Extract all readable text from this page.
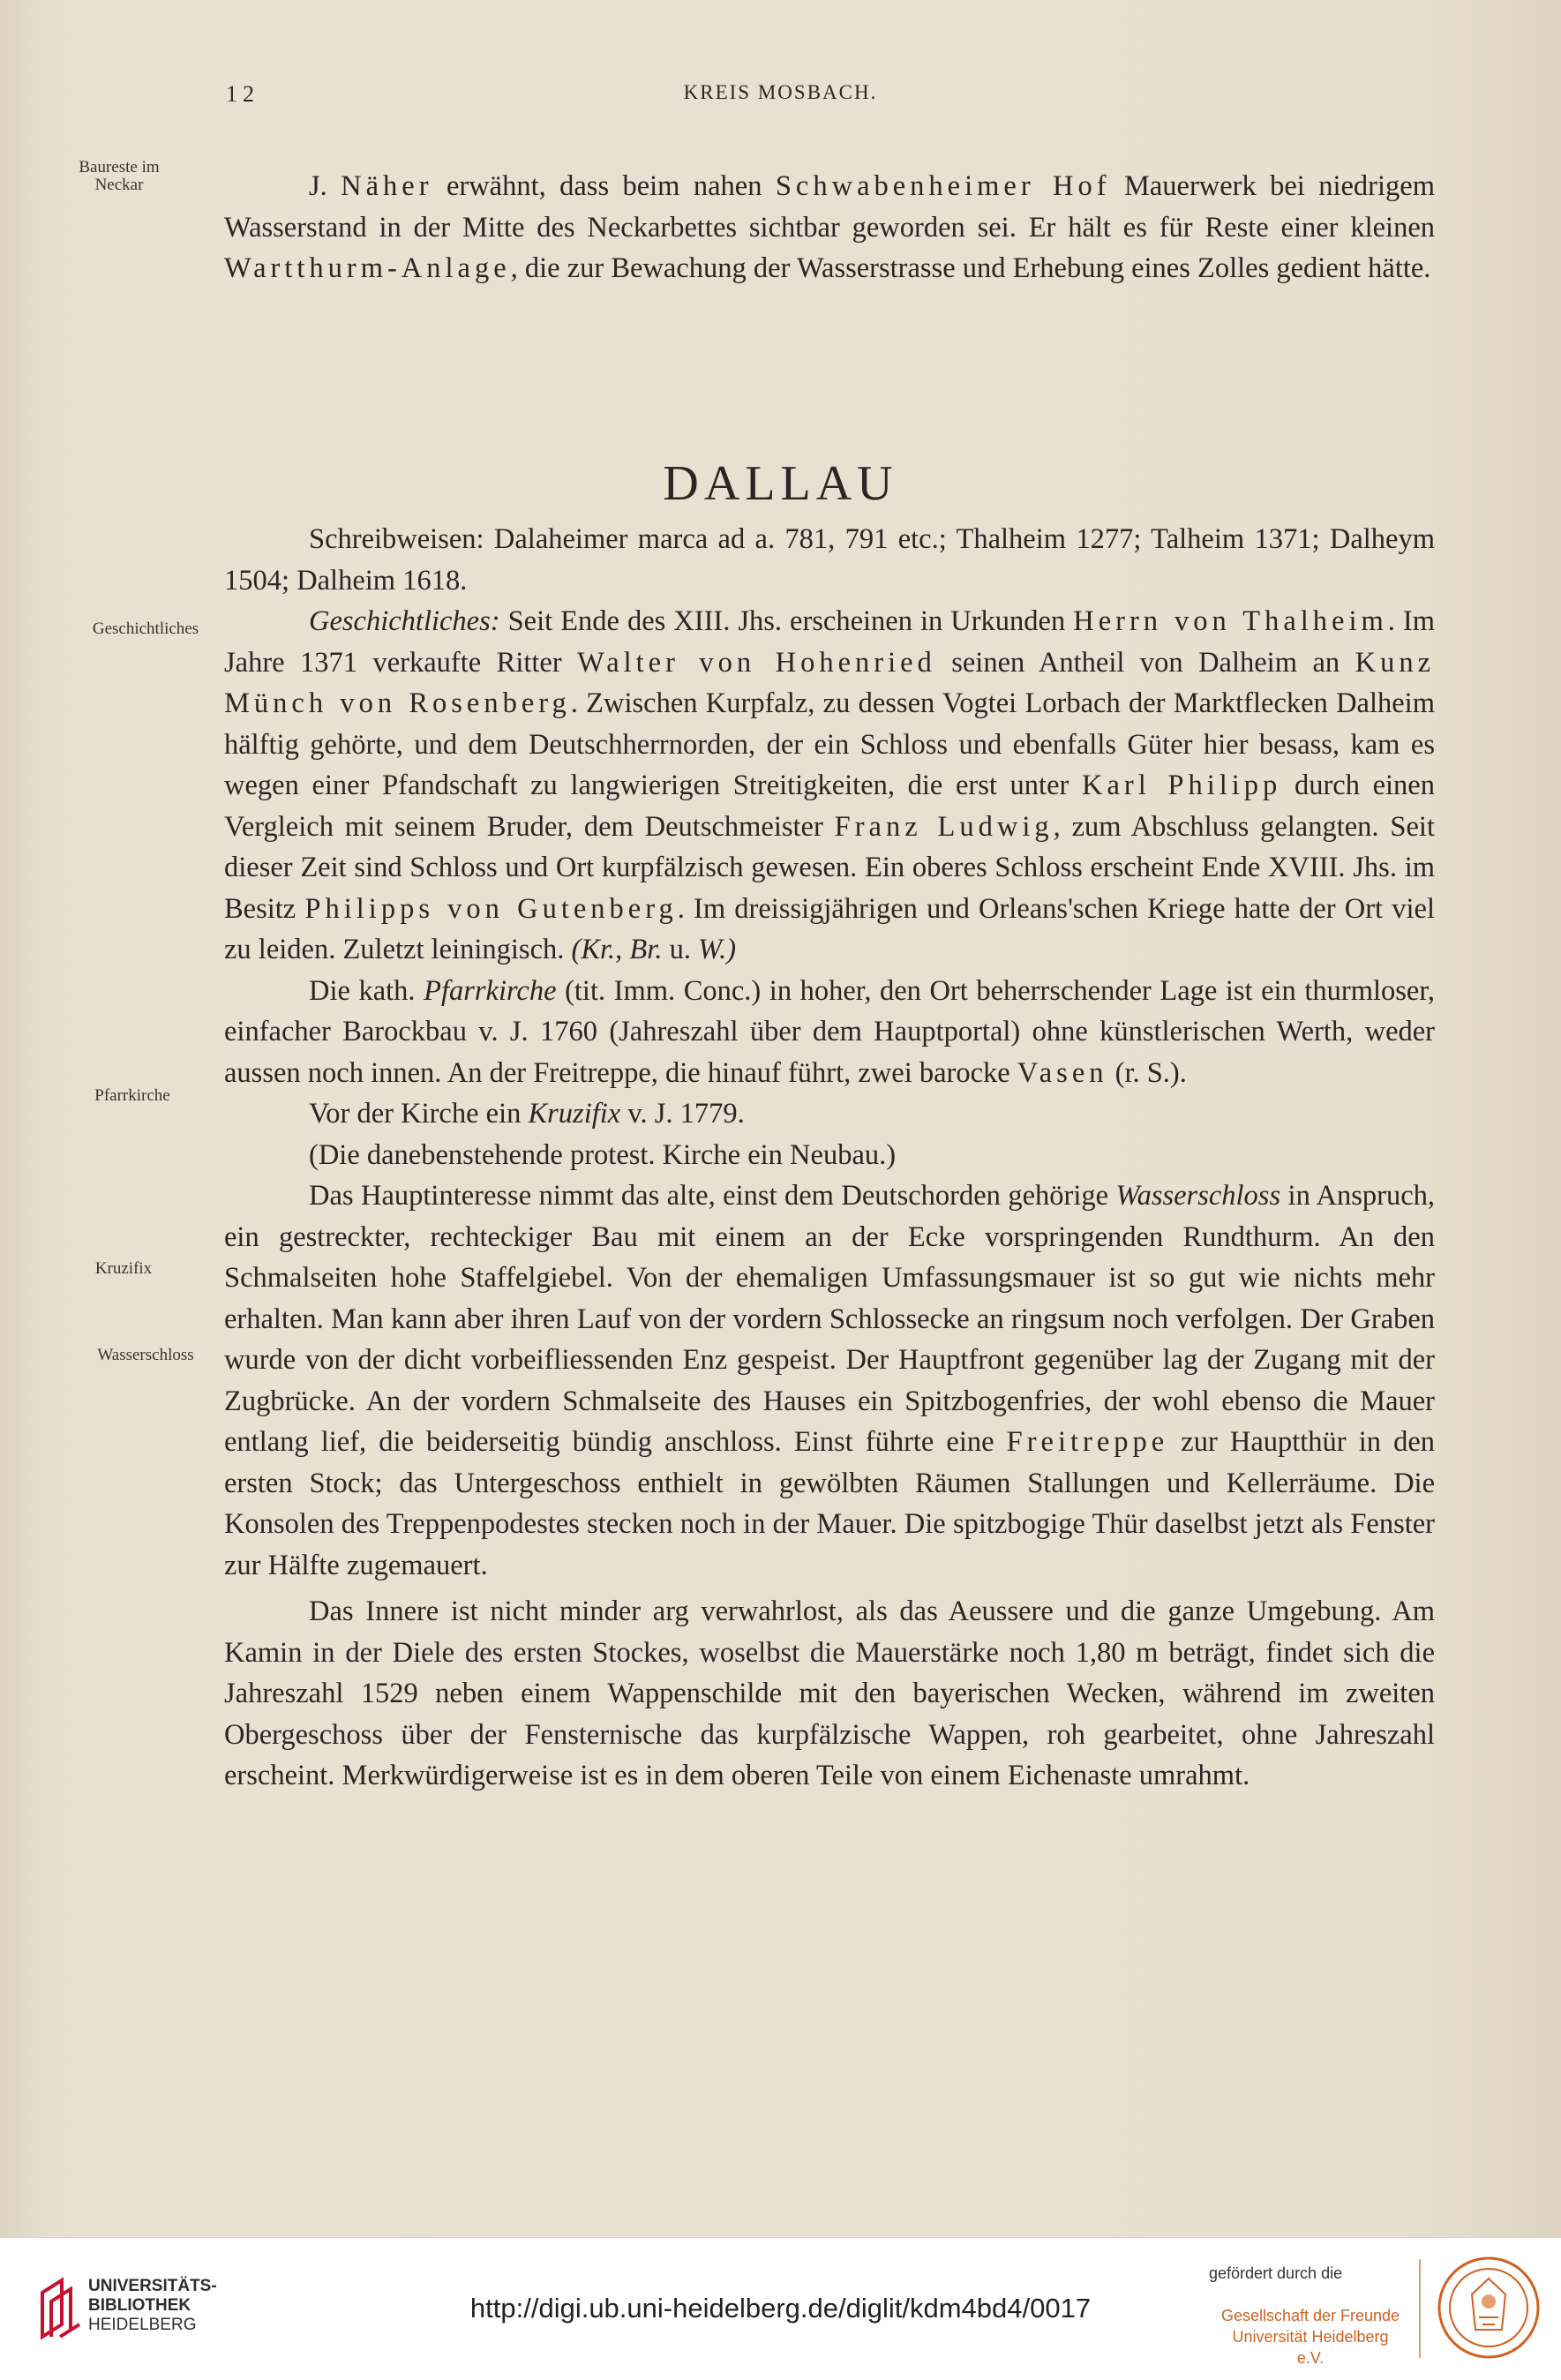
12	KREIS MOSBACH.
Baureste im Neckar
Geschichtliches
Pfarrkirche
Kruzifix
Wasserschloss

J. Näher erwähnt, dass beim nahen Schwabenheimer Hof Mauerwerk bei niedrigem Wasserstand in der Mitte des Neckarbettes sichtbar geworden sei. Er hält es für Reste einer kleinen Wartthurm-Anlage, die zur Bewachung der Wasserstrasse und Erhebung eines Zolles gedient hätte.

DALLAU

Schreibweisen: Dalaheimer marca ad a. 781, 791 etc.; Thalheim 1277; Talheim 1371; Dalheym 1504; Dalheim 1618.

Geschichtliches: Seit Ende des XIII. Jhs. erscheinen in Urkunden Herrn von Thalheim. Im Jahre 1371 verkaufte Ritter Walter von Hohenried seinen Antheil von Dalheim an Kunz Münch von Rosenberg. Zwischen Kurpfalz, zu dessen Vogtei Lorbach der Marktflecken Dalheim hälftig gehörte, und dem Deutschherrnorden, der ein Schloss und ebenfalls Güter hier besass, kam es wegen einer Pfandschaft zu langwierigen Streitigkeiten, die erst unter Karl Philipp durch einen Vergleich mit seinem Bruder, dem Deutschmeister Franz Ludwig, zum Abschluss gelangten. Seit dieser Zeit sind Schloss und Ort kurpfälzisch gewesen. Ein oberes Schloss erscheint Ende XVIII. Jhs. im Besitz Philipps von Gutenberg. Im dreissigjährigen und Orleans'schen Kriege hatte der Ort viel zu leiden. Zuletzt leiningisch. (Kr., Br. u. W.)

Die kath. Pfarrkirche (tit. Imm. Conc.) in hoher, den Ort beherrschender Lage ist ein thurmloser, einfacher Barockbau v. J. 1760 (Jahreszahl über dem Hauptportal) ohne künstlerischen Werth, weder aussen noch innen. An der Freitreppe, die hinauf führt, zwei barocke Vasen (r. S.).

Vor der Kirche ein Kruzifix v. J. 1779.

(Die danebenstehende protest. Kirche ein Neubau.)

Das Hauptinteresse nimmt das alte, einst dem Deutschorden gehörige Wasserschloss in Anspruch, ein gestreckter, rechteckiger Bau mit einem an der Ecke vorspringenden Rundthurm. An den Schmalseiten hohe Staffelgiebel. Von der ehemaligen Umfassungsmauer ist so gut wie nichts mehr erhalten. Man kann aber ihren Lauf von der vordern Schlossecke an ringsum noch verfolgen. Der Graben wurde von der dicht vorbeifliessenden Enz gespeist. Der Hauptfront gegenüber lag der Zugang mit der Zugbrücke. An der vordern Schmalseite des Hauses ein Spitzbogenfries, der wohl ebenso die Mauer entlang lief, die beiderseitig bündig anschloss. Einst führte eine Freitreppe zur Hauptthür in den ersten Stock; das Untergeschoss enthielt in gewölbten Räumen Stallungen und Kellerräume. Die Konsolen des Treppenpodestes stecken noch in der Mauer. Die spitzbogige Thür daselbst jetzt als Fenster zur Hälfte zugemauert.

Das Innere ist nicht minder arg verwahrlost, als das Aeussere und die ganze Umgebung. Am Kamin in der Diele des ersten Stockes, woselbst die Mauerstärke noch 1,80 m beträgt, findet sich die Jahreszahl 1529 neben einem Wappenschilde mit den bayerischen Wecken, während im zweiten Obergeschoss über der Fensternische das kurpfälzische Wappen, roh gearbeitet, ohne Jahreszahl erscheint. Merkwürdigerweise ist es in dem oberen Teile von einem Eichenaste umrahmt.

UNIVERSITÄTS-
BIBLIOTHEK
HEIDELBERG
http://digi.ub.uni-heidelberg.de/diglit/kdm4bd4/0017
gefördert durch die
Gesellschaft der Freunde
Universität Heidelberg e.V.
